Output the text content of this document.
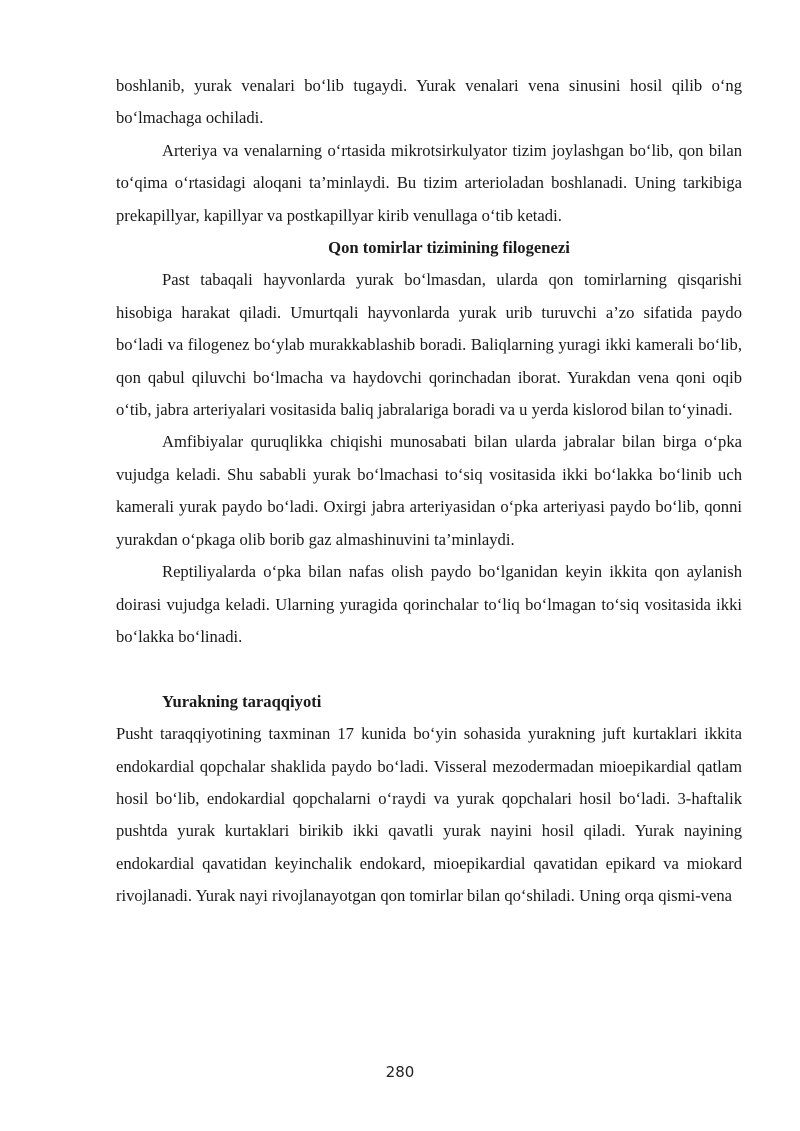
boshlanib, yurak venalari bo‘lib tugaydi. Yurak venalari vena sinusini hosil qilib o‘ng bo‘lmachaga ochiladi.

Arteriya va venalarning o‘rtasida mikrotsirkulyator tizim joylashgan bo‘lib, qon bilan to‘qima o‘rtasidagi aloqani ta’minlaydi. Bu tizim arterioladan boshlanadi. Uning tarkibiga prekapillyar, kapillyar va postkapillyar kirib venullaga o‘tib ketadi.

Qon tomirlar tizimining filogenezi

Past tabaqali hayvonlarda yurak bo‘lmasdan, ularda qon tomirlarning qisqarishi hisobiga harakat qiladi. Umurtqali hayvonlarda yurak urib turuvchi a’zo sifatida paydo bo‘ladi va filogenez bo‘ylab murakkablashib boradi. Baliqlarning yuragi ikki kamerali bo‘lib, qon qabul qiluvchi bo‘lmacha va haydovchi qorinchadan iborat. Yurakdan vena qoni oqib o‘tib, jabra arteriyalari vositasida baliq jabralariga boradi va u yerda kislorod bilan to‘yinadi.

Amfibiyalar quruqlikka chiqishi munosabati bilan ularda jabralar bilan birga o‘pka vujudga keladi. Shu sababli yurak bo‘lmachasi to‘siq vositasida ikki bo‘lakka bo‘linib uch kamerali yurak paydo bo‘ladi. Oxirgi jabra arteriyasidan o‘pka arteriyasi paydo bo‘lib, qonni yurakdan o‘pkaga olib borib gaz almashinuvini ta’minlaydi.

Reptiliyalarda o‘pka bilan nafas olish paydo bo‘lganidan keyin ikkita qon aylanish doirasi vujudga keladi. Ularning yuragida qorinchalar to‘liq bo‘lmagan to‘siq vositasida ikki bo‘lakka bo‘linadi.

Yurakning taraqqiyoti

Pusht taraqqiyotining taxminan 17 kunida bo‘yin sohasida yurakning juft kurtaklari ikkita endokardial qopchalar shaklida paydo bo‘ladi. Visseral mezodermadan mioepikardial qatlam hosil bo‘lib, endokardial qopchalarni o‘raydi va yurak qopchalari hosil bo‘ladi. 3-haftalik pushtda yurak kurtaklari birikib ikki qavatli yurak nayini hosil qiladi. Yurak nayining endokardial qavatidan keyinchalik endokard, mioepikardial qavatidan epikard va miokard rivojlanadi. Yurak nayi rivojlanayotgan qon tomirlar bilan qo‘shiladi. Uning orqa qismi-vena

280
